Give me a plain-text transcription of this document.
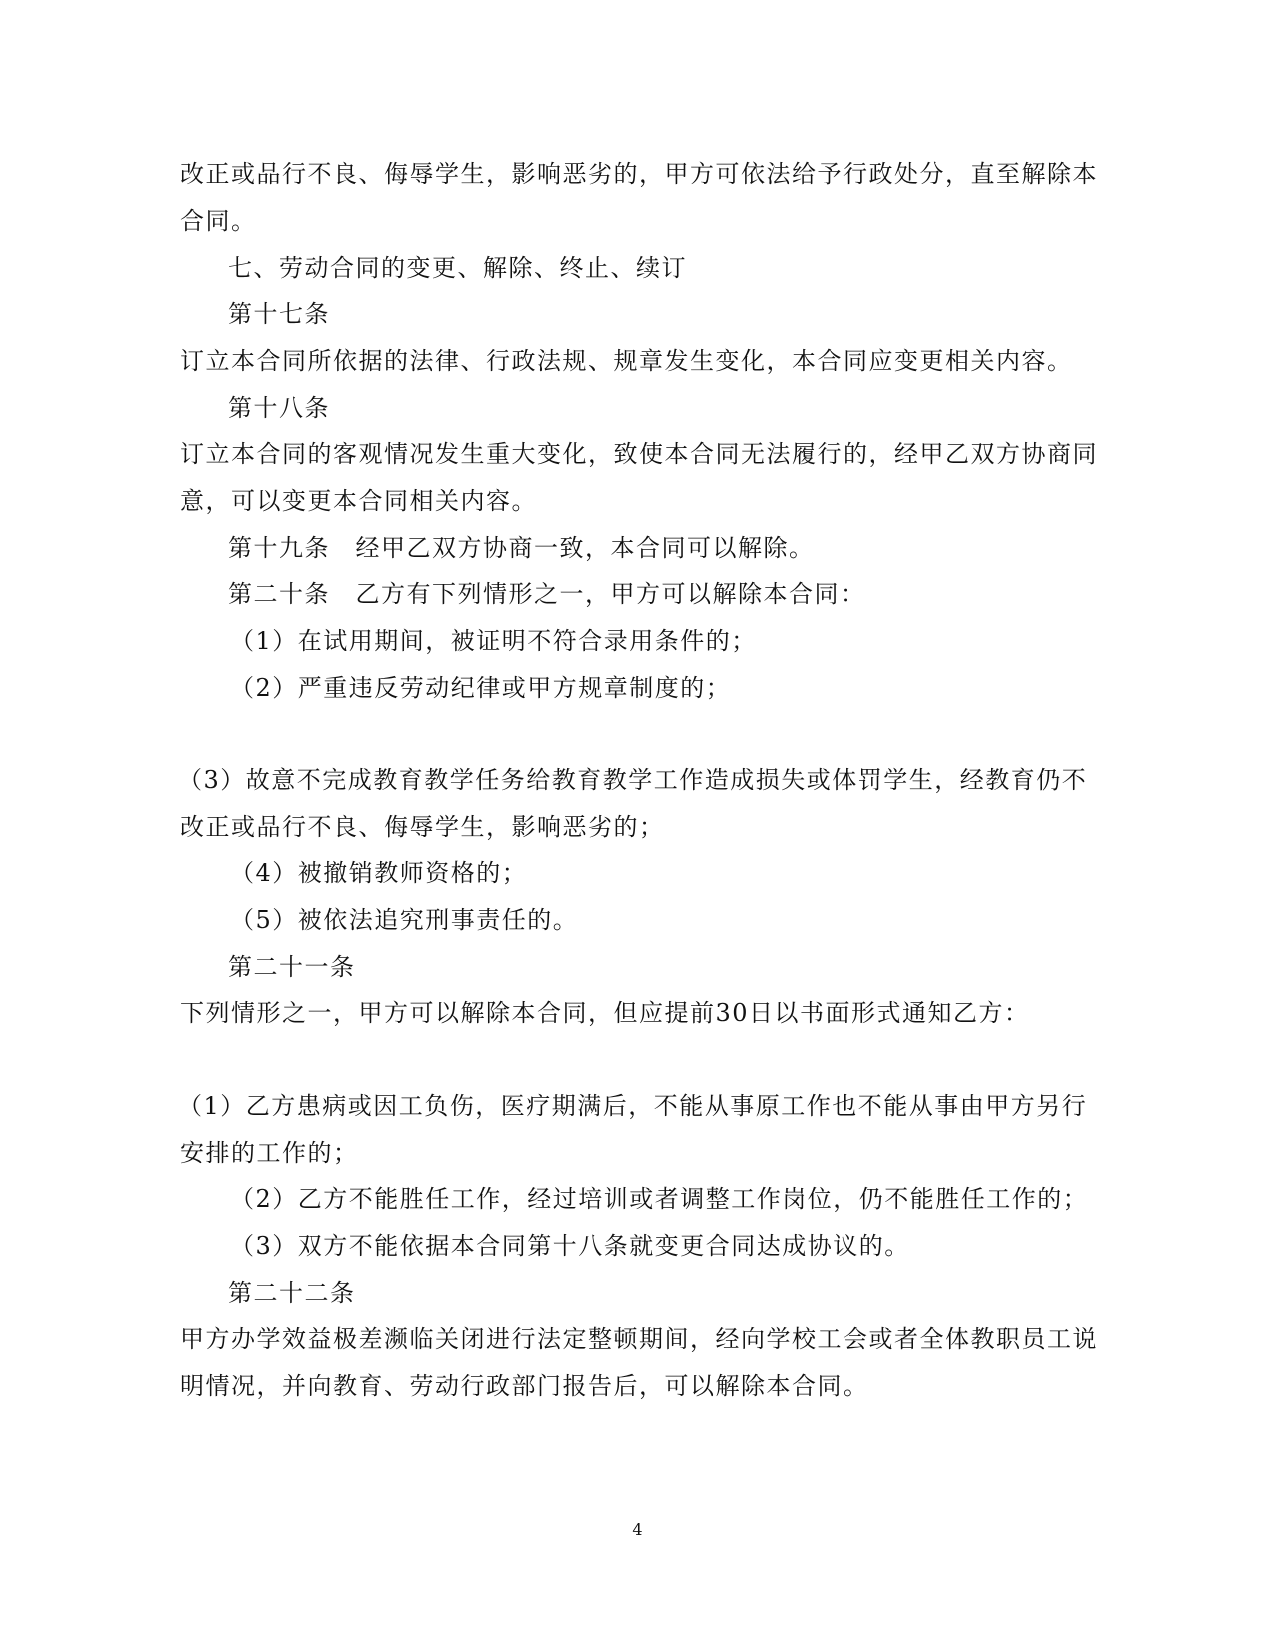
改正或品行不良、侮辱学生，影响恶劣的，甲方可依法给予行政处分，直至解除本
合同。
七、劳动合同的变更、解除、终止、续订
第十七条
订立本合同所依据的法律、行政法规、规章发生变化，本合同应变更相关内容。
第十八条
订立本合同的客观情况发生重大变化，致使本合同无法履行的，经甲乙双方协商同
意，可以变更本合同相关内容。
第十九条　经甲乙双方协商一致，本合同可以解除。
第二十条　乙方有下列情形之一，甲方可以解除本合同：
（1）在试用期间，被证明不符合录用条件的；
（2）严重违反劳动纪律或甲方规章制度的；
（3）故意不完成教育教学任务给教育教学工作造成损失或体罚学生，经教育仍不
改正或品行不良、侮辱学生，影响恶劣的；
（4）被撤销教师资格的；
（5）被依法追究刑事责任的。
第二十一条
下列情形之一，甲方可以解除本合同，但应提前30日以书面形式通知乙方：
（1）乙方患病或因工负伤，医疗期满后，不能从事原工作也不能从事由甲方另行
安排的工作的；
（2）乙方不能胜任工作，经过培训或者调整工作岗位，仍不能胜任工作的；
（3）双方不能依据本合同第十八条就变更合同达成协议的。
第二十二条
甲方办学效益极差濒临关闭进行法定整顿期间，经向学校工会或者全体教职员工说
明情况，并向教育、劳动行政部门报告后，可以解除本合同。
4
